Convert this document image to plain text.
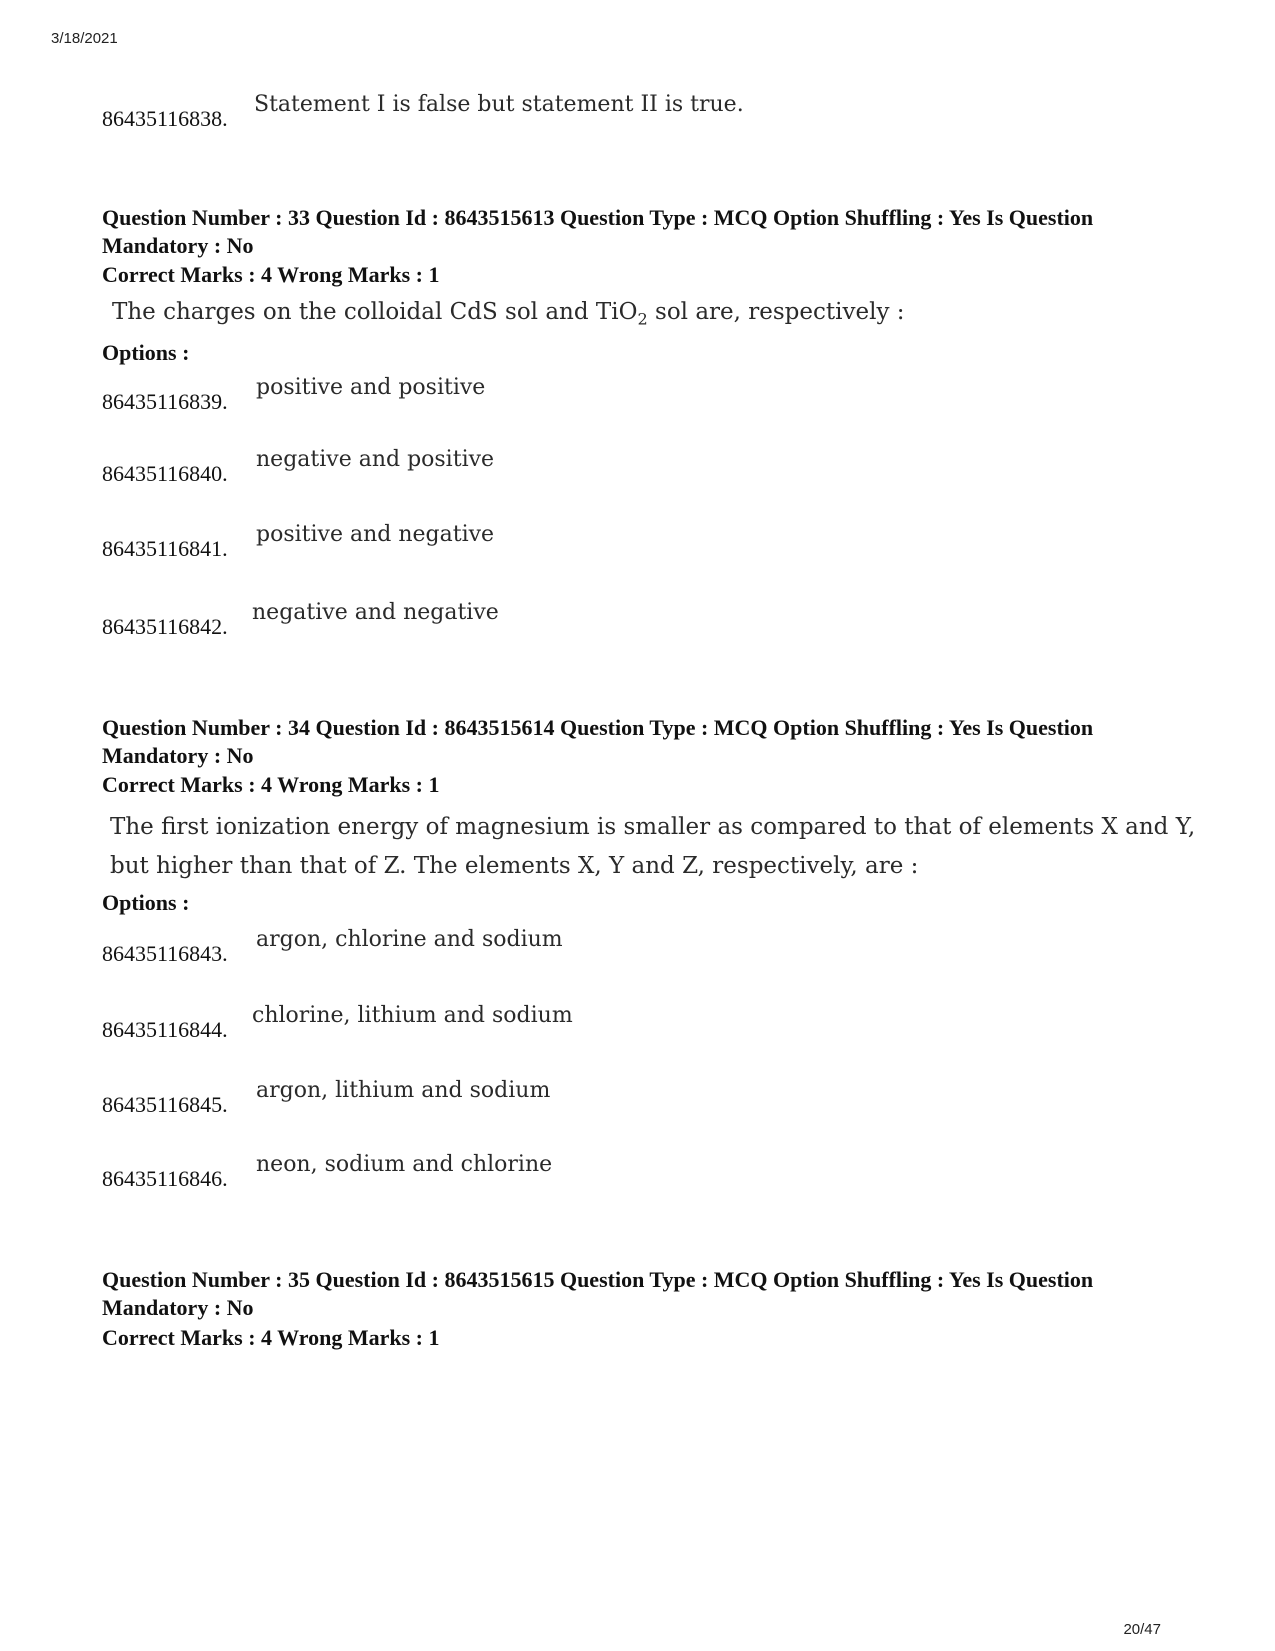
3/18/2021
86435116838.
Statement I is false but statement II is true.
Question Number : 33 Question Id : 8643515613 Question Type : MCQ Option Shuffling : Yes Is Question Mandatory : No
Correct Marks : 4 Wrong Marks : 1
The charges on the colloidal CdS sol and TiO$_2$ sol are, respectively :
Options :
86435116839.
positive and positive
86435116840.
negative and positive
86435116841.
positive and negative
86435116842.
negative and negative
Question Number : 34 Question Id : 8643515614 Question Type : MCQ Option Shuffling : Yes Is Question Mandatory : No
Correct Marks : 4 Wrong Marks : 1
The first ionization energy of magnesium is smaller as compared to that of elements X and Y,
but higher than that of Z. The elements X, Y and Z, respectively, are :
Options :
86435116843.
argon, chlorine and sodium
86435116844.
chlorine, lithium and sodium
86435116845.
argon, lithium and sodium
86435116846.
neon, sodium and chlorine
Question Number : 35 Question Id : 8643515615 Question Type : MCQ Option Shuffling : Yes Is Question Mandatory : No
Correct Marks : 4 Wrong Marks : 1
20/47
